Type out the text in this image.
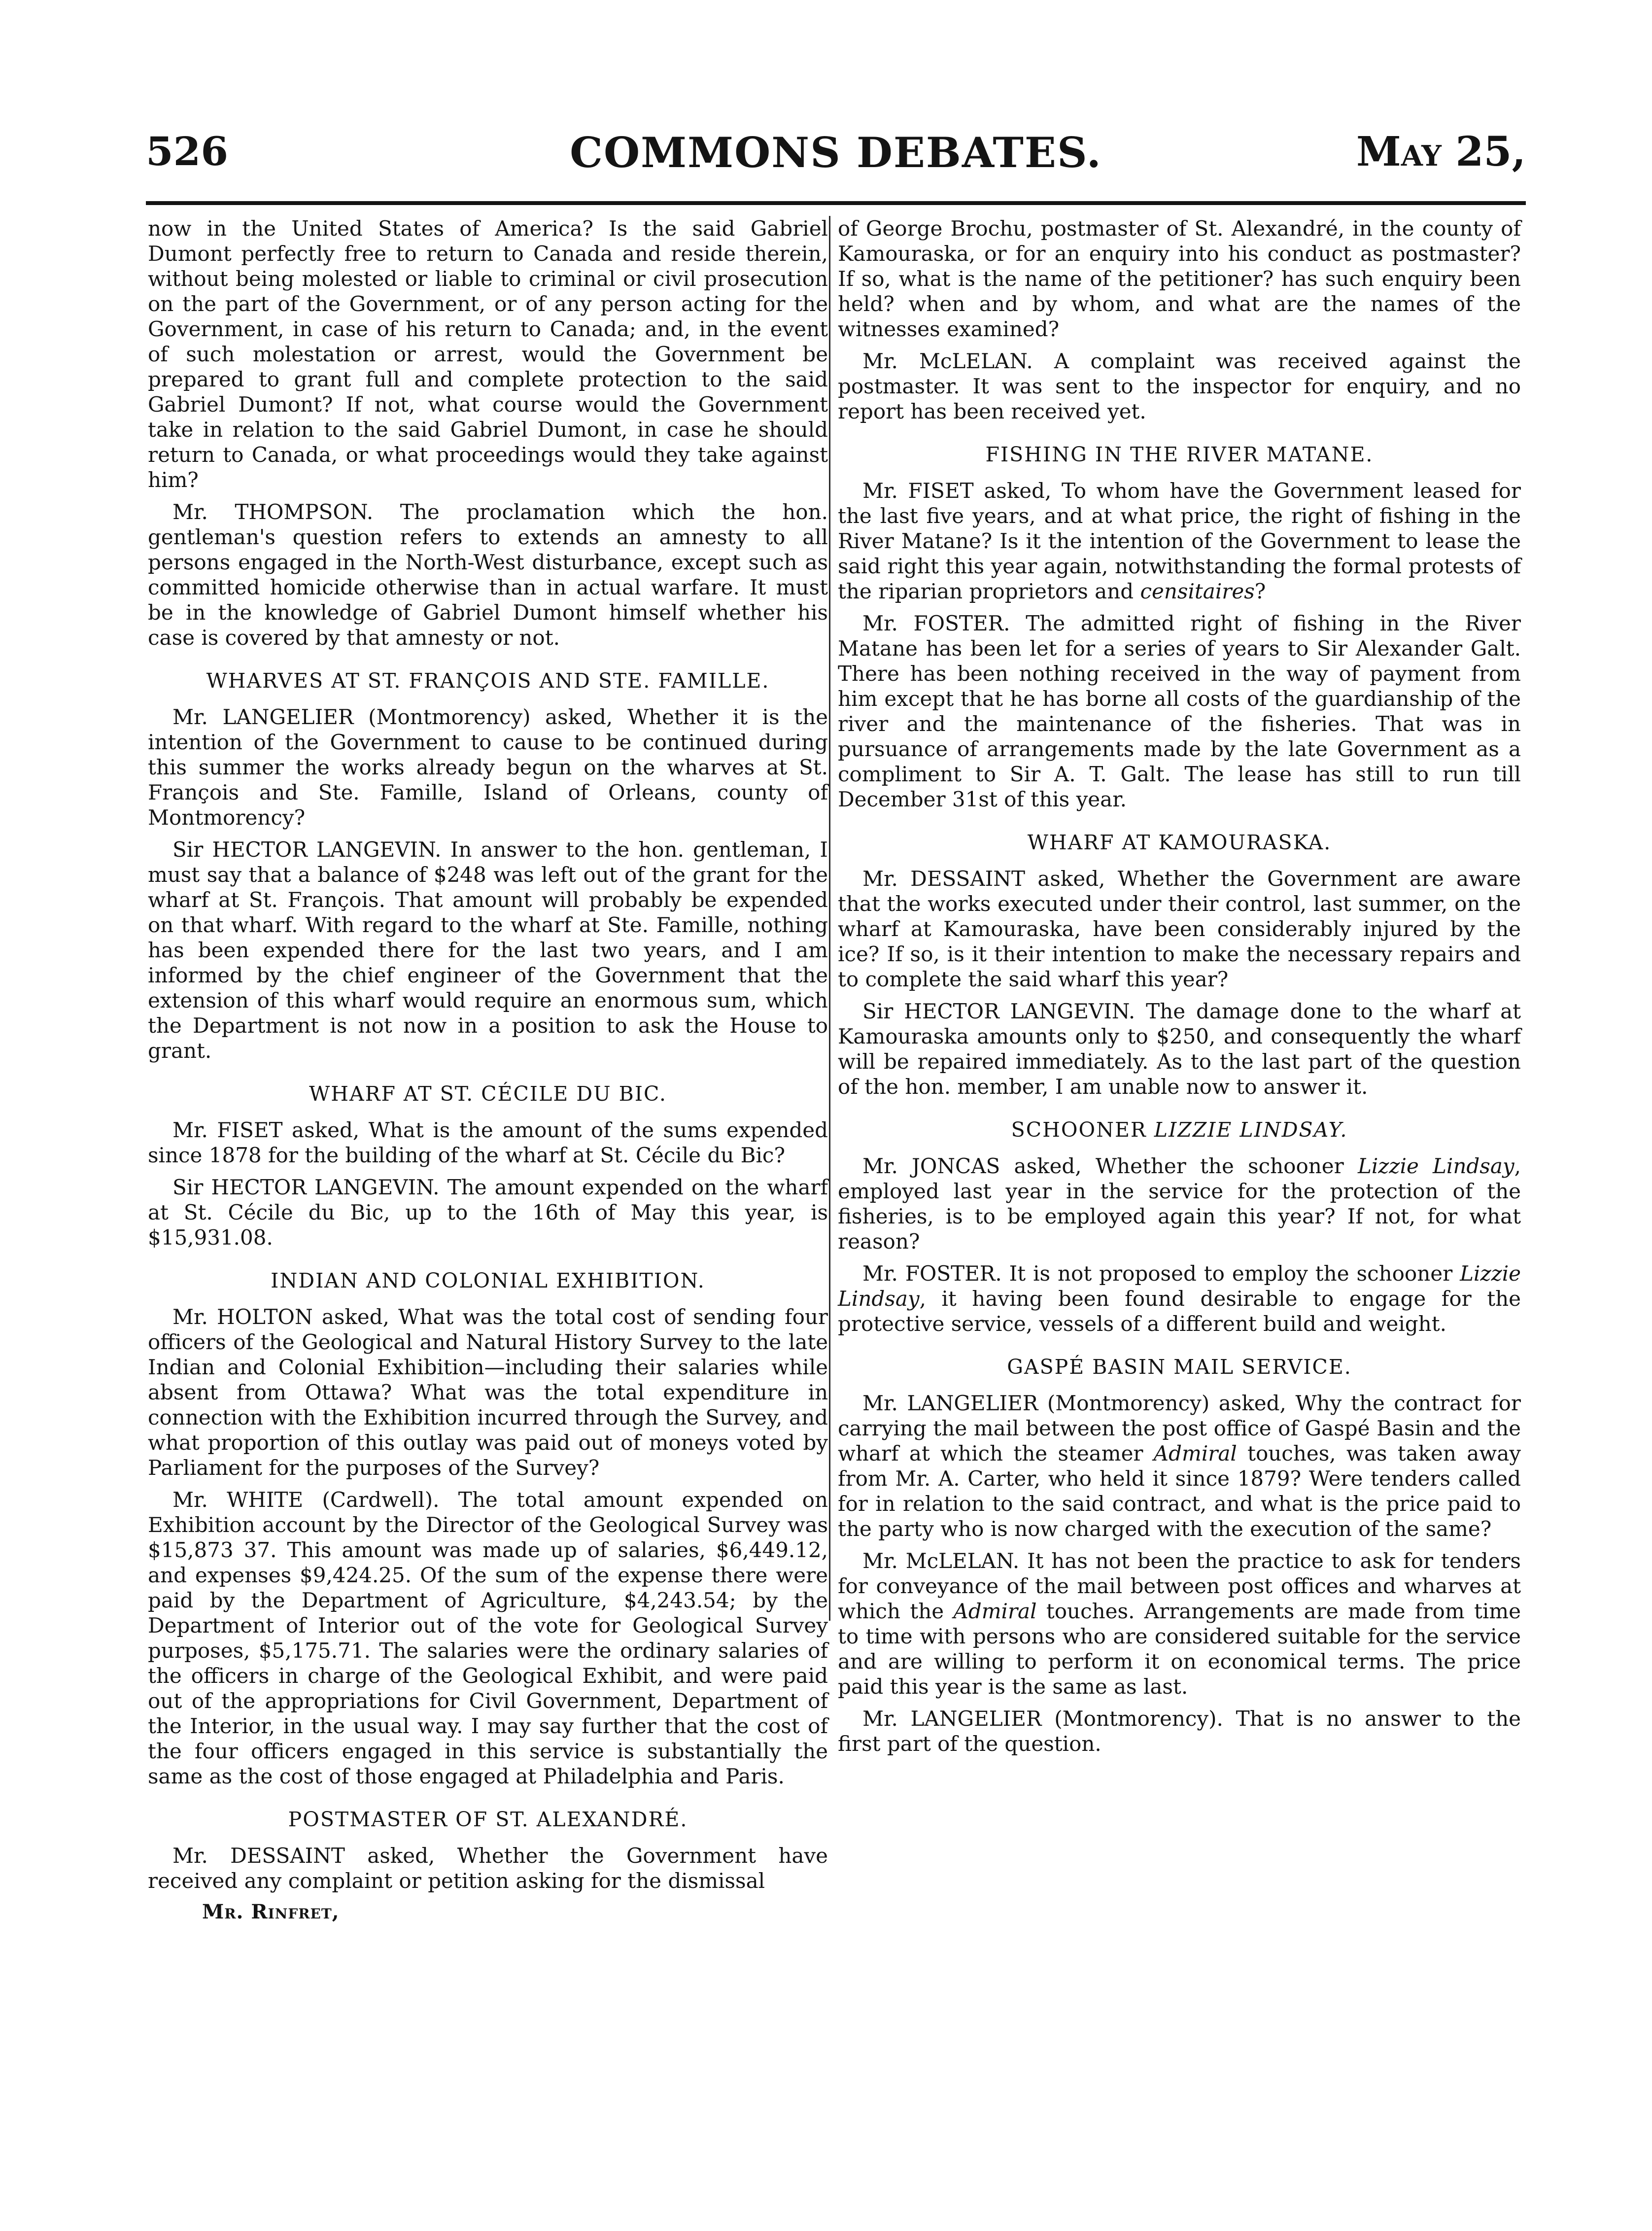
526	COMMONS DEBATES.	May 25,

now in the United States of America? Is the said Gabriel Dumont perfectly free to return to Canada and reside therein, without being molested or liable to criminal or civil prosecution on the part of the Government, or of any person acting for the Government, in case of his return to Canada; and, in the event of such molestation or arrest, would the Government be prepared to grant full and complete protection to the said Gabriel Dumont? If not, what course would the Government take in relation to the said Gabriel Dumont, in case he should return to Canada, or what proceedings would they take against him?

Mr. THOMPSON. The proclamation which the hon. gentleman's question refers to extends an amnesty to all persons engaged in the North-West disturbance, except such as committed homicide otherwise than in actual warfare. It must be in the knowledge of Gabriel Dumont himself whether his case is covered by that amnesty or not.

WHARVES AT ST. FRANÇOIS AND STE. FAMILLE.

Mr. LANGELIER (Montmorency) asked, Whether it is the intention of the Government to cause to be continued during this summer the works already begun on the wharves at St. François and Ste. Famille, Island of Orleans, county of Montmorency?

Sir HECTOR LANGEVIN. In answer to the hon. gentleman, I must say that a balance of $248 was left out of the grant for the wharf at St. François. That amount will probably be expended on that wharf. With regard to the wharf at Ste. Famille, nothing has been expended there for the last two years, and I am informed by the chief engineer of the Government that the extension of this wharf would require an enormous sum, which the Department is not now in a position to ask the House to grant.

WHARF AT ST. CÉCILE DU BIC.

Mr. FISET asked, What is the amount of the sums expended since 1878 for the building of the wharf at St. Cécile du Bic?

Sir HECTOR LANGEVIN. The amount expended on the wharf at St. Cécile du Bic, up to the 16th of May this year, is $15,931.08.

INDIAN AND COLONIAL EXHIBITION.

Mr. HOLTON asked, What was the total cost of sending four officers of the Geological and Natural History Survey to the late Indian and Colonial Exhibition—including their salaries while absent from Ottawa? What was the total expenditure in connection with the Exhibition incurred through the Survey, and what proportion of this outlay was paid out of moneys voted by Parliament for the purposes of the Survey?

Mr. WHITE (Cardwell). The total amount expended on Exhibition account by the Director of the Geological Survey was $15,873 37. This amount was made up of salaries, $6,449.12, and expenses $9,424.25. Of the sum of the expense there were paid by the Department of Agriculture, $4,243.54; by the Department of Interior out of the vote for Geological Survey purposes, $5,175.71. The salaries were the ordinary salaries of the officers in charge of the Geological Exhibit, and were paid out of the appropriations for Civil Government, Department of the Interior, in the usual way. I may say further that the cost of the four officers engaged in this service is substantially the same as the cost of those engaged at Philadelphia and Paris.

POSTMASTER OF ST. ALEXANDRÉ.

Mr. DESSAINT asked, Whether the Government have received any complaint or petition asking for the dismissal

Mr. Rinfret,

of George Brochu, postmaster of St. Alexandré, in the county of Kamouraska, or for an enquiry into his conduct as postmaster? If so, what is the name of the petitioner? has such enquiry been held? when and by whom, and what are the names of the witnesses examined?

Mr. McLELAN. A complaint was received against the postmaster. It was sent to the inspector for enquiry, and no report has been received yet.

FISHING IN THE RIVER MATANE.

Mr. FISET asked, To whom have the Government leased for the last five years, and at what price, the right of fishing in the River Matane? Is it the intention of the Government to lease the said right this year again, notwithstanding the formal protests of the riparian proprietors and censitaires?

Mr. FOSTER. The admitted right of fishing in the River Matane has been let for a series of years to Sir Alexander Galt. There has been nothing received in the way of payment from him except that he has borne all costs of the guardianship of the river and the maintenance of the fisheries. That was in pursuance of arrangements made by the late Government as a compliment to Sir A. T. Galt. The lease has still to run till December 31st of this year.

WHARF AT KAMOURASKA.

Mr. DESSAINT asked, Whether the Government are aware that the works executed under their control, last summer, on the wharf at Kamouraska, have been considerably injured by the ice? If so, is it their intention to make the necessary repairs and to complete the said wharf this year?

Sir HECTOR LANGEVIN. The damage done to the wharf at Kamouraska amounts only to $250, and consequently the wharf will be repaired immediately. As to the last part of the question of the hon. member, I am unable now to answer it.

SCHOONER LIZZIE LINDSAY.

Mr. JONCAS asked, Whether the schooner Lizzie Lindsay, employed last year in the service for the protection of the fisheries, is to be employed again this year? If not, for what reason?

Mr. FOSTER. It is not proposed to employ the schooner Lizzie Lindsay, it having been found desirable to engage for the protective service, vessels of a different build and weight.

GASPÉ BASIN MAIL SERVICE.

Mr. LANGELIER (Montmorency) asked, Why the contract for carrying the mail between the post office of Gaspé Basin and the wharf at which the steamer Admiral touches, was taken away from Mr. A. Carter, who held it since 1879? Were tenders called for in relation to the said contract, and what is the price paid to the party who is now charged with the execution of the same?

Mr. McLELAN. It has not been the practice to ask for tenders for conveyance of the mail between post offices and wharves at which the Admiral touches. Arrangements are made from time to time with persons who are considered suitable for the service and are willing to perform it on economical terms. The price paid this year is the same as last.

Mr. LANGELIER (Montmorency). That is no answer to the first part of the question.
